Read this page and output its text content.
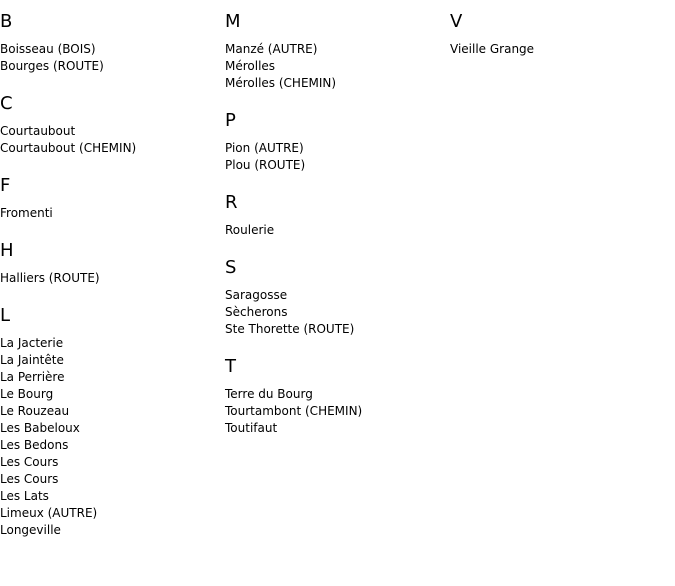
B
Boisseau (BOIS)
Bourges (ROUTE)
C
Courtaubout
Courtaubout (CHEMIN)
F
Fromenti
H
Halliers (ROUTE)
L
La Jacterie
La Jaintête
La Perrière
Le Bourg
Le Rouzeau
Les Babeloux
Les Bedons
Les Cours
Les Cours
Les Lats
Limeux (AUTRE)
Longeville
M
Manzé (AUTRE)
Mérolles
Mérolles (CHEMIN)
P
Pion (AUTRE)
Plou (ROUTE)
R
Roulerie
S
Saragosse
Sècherons
Ste Thorette (ROUTE)
T
Terre du Bourg
Tourtambont (CHEMIN)
Toutifaut
V
Vieille Grange
